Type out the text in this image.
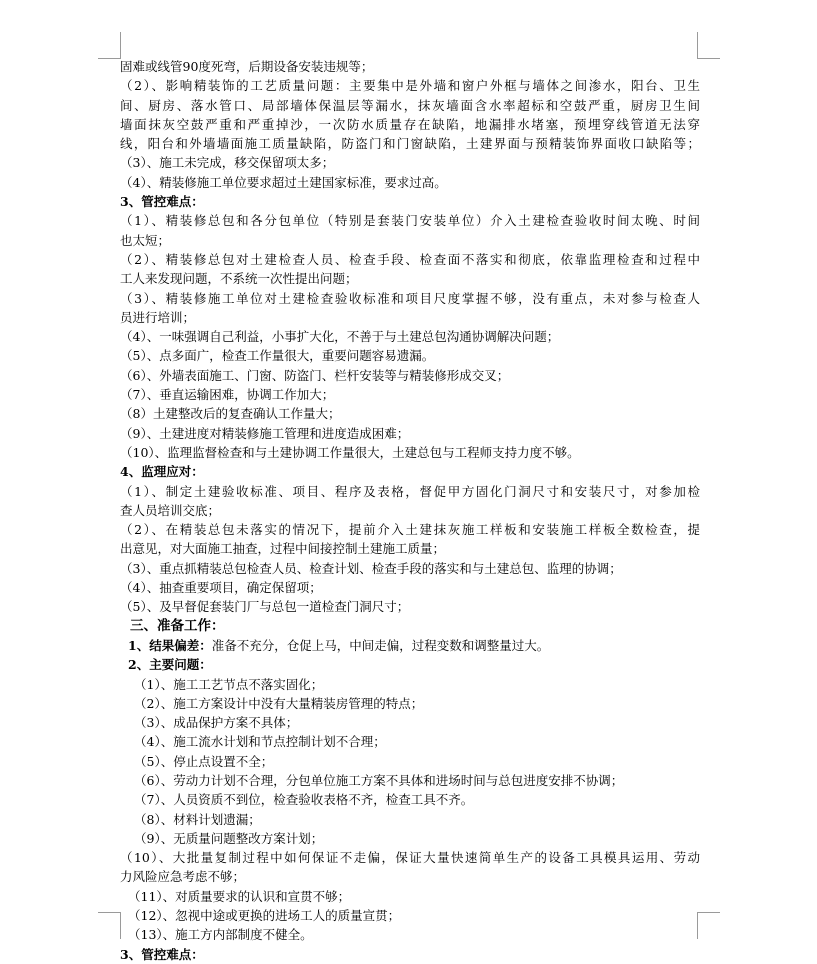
固难或线管90度死弯，后期设备安装违规等；
（2）、影响精装饰的工艺质量问题：主要集中是外墙和窗户外框与墙体之间渗水，阳台、卫生
间、厨房、落水管口、局部墙体保温层等漏水，抹灰墙面含水率超标和空鼓严重，厨房卫生间
墙面抹灰空鼓严重和严重掉沙，一次防水质量存在缺陷，地漏排水堵塞，预埋穿线管道无法穿
线，阳台和外墙墙面施工质量缺陷，防盗门和门窗缺陷，土建界面与预精装饰界面收口缺陷等；
（3）、施工未完成，移交保留项太多；
（4）、精装修施工单位要求超过土建国家标准，要求过高。
3、管控难点：
（1）、精装修总包和各分包单位（特别是套装门安装单位）介入土建检查验收时间太晚、时间
也太短；
（2）、精装修总包对土建检查人员、检查手段、检查面不落实和彻底，依靠监理检查和过程中
工人来发现问题，不系统一次性提出问题；
（3）、精装修施工单位对土建检查验收标准和项目尺度掌握不够，没有重点，未对参与检查人
员进行培训；
（4）、一味强调自己利益，小事扩大化，不善于与土建总包沟通协调解决问题；
（5）、点多面广，检查工作量很大，重要问题容易遗漏。
（6）、外墙表面施工、门窗、防盗门、栏杆安装等与精装修形成交叉；
（7）、垂直运输困难，协调工作加大；
（8）土建整改后的复查确认工作量大；
（9）、土建进度对精装修施工管理和进度造成困难；
（10）、监理监督检查和与土建协调工作量很大，土建总包与工程师支持力度不够。
4、监理应对：
（1）、制定土建验收标准、项目、程序及表格，督促甲方固化门洞尺寸和安装尺寸，对参加检
查人员培训交底；
（2）、在精装总包未落实的情况下，提前介入土建抹灰施工样板和安装施工样板全数检查，提
出意见，对大面施工抽查，过程中间接控制土建施工质量；
（3）、重点抓精装总包检查人员、检查计划、检查手段的落实和与土建总包、监理的协调；
（4）、抽查重要项目，确定保留项；
（5）、及早督促套装门厂与总包一道检查门洞尺寸；
三、准备工作：
1、结果偏差：准备不充分，仓促上马，中间走偏，过程变数和调整量过大。
2、主要问题：
（1）、施工工艺节点不落实固化；
（2）、施工方案设计中没有大量精装房管理的特点；
（3）、成品保护方案不具体；
（4）、施工流水计划和节点控制计划不合理；
（5）、停止点设置不全；
（6）、劳动力计划不合理，分包单位施工方案不具体和进场时间与总包进度安排不协调；
（7）、人员资质不到位，检查验收表格不齐，检查工具不齐。
（8）、材料计划遗漏；
（9）、无质量问题整改方案计划；
（10）、大批量复制过程中如何保证不走偏，保证大量快速简单生产的设备工具模具运用、劳动
力风险应急考虑不够；
（11）、对质量要求的认识和宣贯不够；
（12）、忽视中途或更换的进场工人的质量宣贯；
（13）、施工方内部制度不健全。
3、管控难点：
